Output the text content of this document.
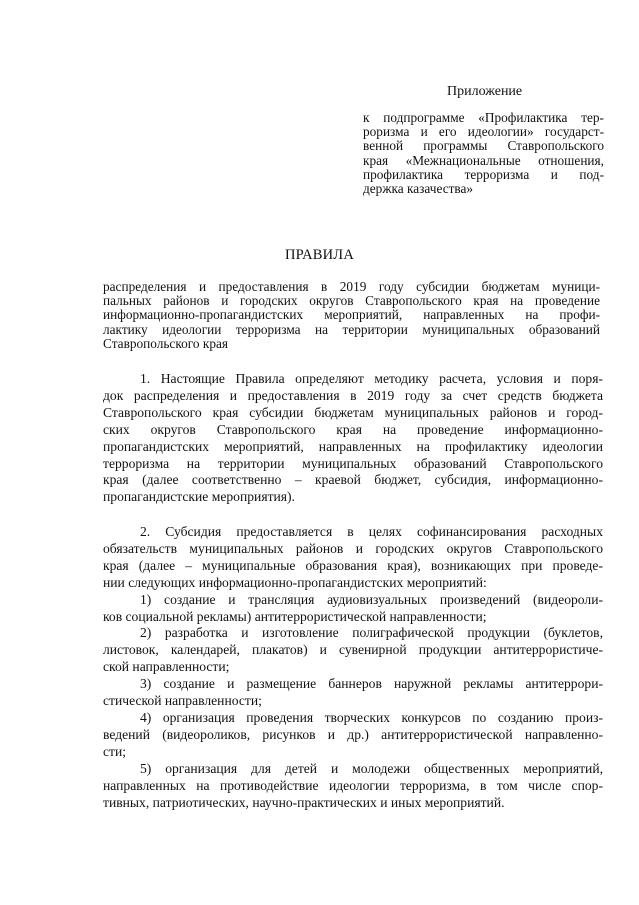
Приложение
к подпрограмме «Профилактика тер-
роризма и его идеологии» государст-
венной программы Ставропольского
края «Межнациональные отношения,
профилактика терроризма и под-
держка казачества»
ПРАВИЛА
распределения и предоставления в 2019 году субсидии бюджетам муници-
пальных районов и городских округов Ставропольского края на проведение
информационно-пропагандистских мероприятий, направленных на профи-
лактику идеологии терроризма на территории муниципальных образований
Ставропольского края
1. Настоящие Правила определяют методику расчета, условия и поря-
док распределения и предоставления в 2019 году за счет средств бюджета
Ставропольского края субсидии бюджетам муниципальных районов и город-
ских округов Ставропольского края на проведение информационно-
пропагандистских мероприятий, направленных на профилактику идеологии
терроризма на территории муниципальных образований Ставропольского
края (далее соответственно – краевой бюджет, субсидия, информационно-
пропагандистские мероприятия).
2. Субсидия предоставляется в целях софинансирования расходных
обязательств муниципальных районов и городских округов Ставропольского
края (далее – муниципальные образования края), возникающих при проведе-
нии следующих информационно-пропагандистских мероприятий:
1) создание и трансляция аудиовизуальных произведений (видеороли-
ков социальной рекламы) антитеррористической направленности;
2) разработка и изготовление полиграфической продукции (буклетов,
листовок, календарей, плакатов) и сувенирной продукции антитеррористиче-
ской направленности;
3) создание и размещение баннеров наружной рекламы антитеррори-
стической направленности;
4) организация проведения творческих конкурсов по созданию произ-
ведений (видеороликов, рисунков и др.) антитеррористической направленно-
сти;
5) организация для детей и молодежи общественных мероприятий,
направленных на противодействие идеологии терроризма, в том числе спор-
тивных, патриотических, научно-практических и иных мероприятий.
